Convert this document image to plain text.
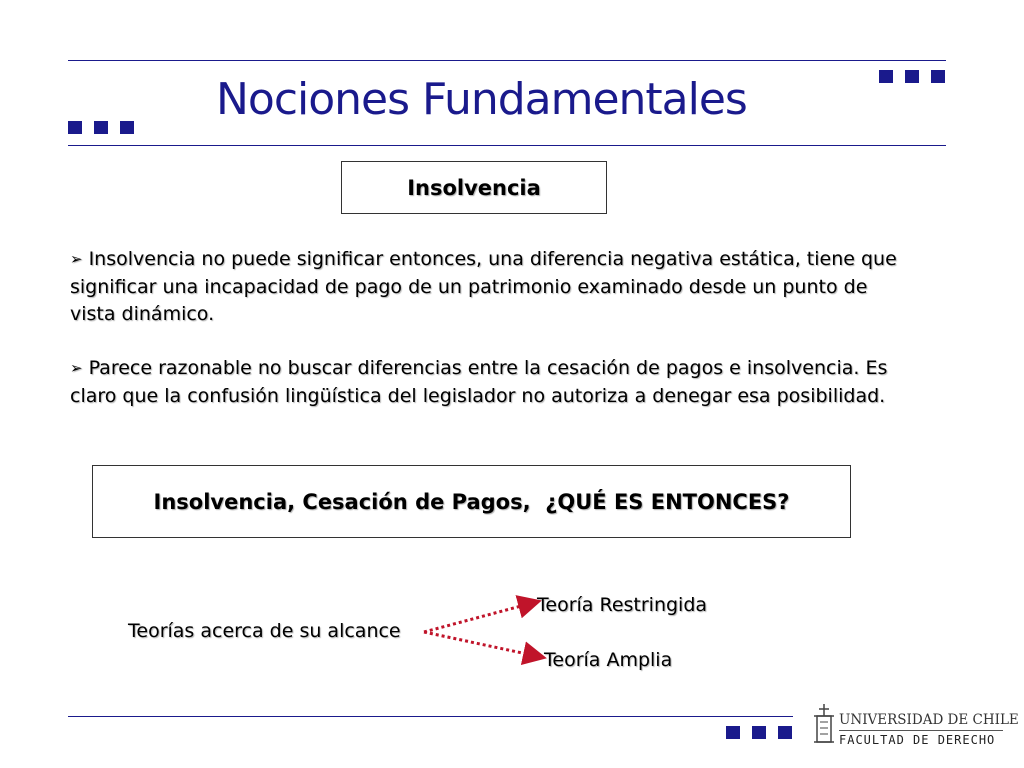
Nociones Fundamentales
Insolvencia
➢ Insolvencia no puede significar entonces, una diferencia negativa estática, tiene que significar una incapacidad de pago de un patrimonio examinado desde un punto de vista dinámico.
➢ Parece razonable no buscar diferencias entre la cesación de pagos e insolvencia. Es claro que la confusión lingüística del legislador no autoriza a denegar esa posibilidad.
Insolvencia, Cesación de Pagos,  ¿QUÉ ES ENTONCES?
Teorías acerca de su alcance
Teoría Restringida
Teoría Amplia
UNIVERSIDAD DE CHILE
FACULTAD DE DERECHO
